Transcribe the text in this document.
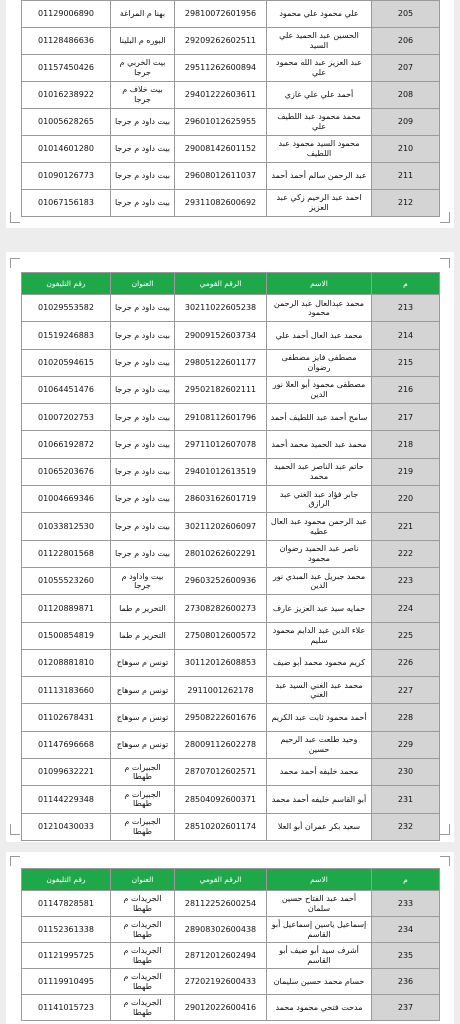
205	علي محمود علي محمود	29810072601956	بهنا م المراغة	01129006890
206	الحسين عبد الحميد علي السيد	29209262602511	البوره م البلينا	01128486636
207	عبد العزيز عبد الله محمود علي	29511262600894	بيت الخربي م جرجا	01157450426
208	أحمد علي علي غازي	29401222603611	بيت خلاف م جرجا	01016238922
209	محمد محمود عبد اللطيف علي	29601012625955	بيت داود م جرجا	01005628265
210	محمود السيد محمود عبد اللطيف	29008142601152	بيت داود م جرجا	01014601280
211	عبد الرحمن سالم أحمد أحمد	29608012611037	بيت داود م جرجا	01090126773
212	احمد عبد الرحيم زكي عبد العزيز	29311082600692	بيت داود م جرجا	01067156183
م	الاسم	الرقم القومي	العنوان	رقم التليفون
213	محمد عبدالعال عبد الرحمن محمود	30211022605238	بيت داود م جرجا	01029553582
214	محمد عبد العال أحمد علي	29009152603734	بيت داود م جرجا	01519246883
215	مصطفى فايز مصطفى رضوان	29805122601177	بيت داود م جرجا	01020594615
216	مصطفى محمود أبو العلا نور الدين	29502182602111	بيت داود م جرجا	01064451476
217	سامح أحمد عبد اللطيف أحمد	29108112601796	بيت داود م جرجا	01007202753
218	محمد عبد الحميد محمد أحمد	29711012607078	بيت داود م جرجا	01066192872
219	حاتم عبد الناصر عبد الحميد محمد	29401012613519	بيت داود م جرجا	01065203676
220	جابر فؤاد عبد الغني عبد الرازق	28603162601719	بيت داود م جرجا	01004669346
221	عبد الرحمن محمود عبد العال عطيه	30211202606097	بيت داود م جرجا	01033812530
222	ناصر عبد الحميد رضوان محمود	28010262602291	بيت داود م جرجا	01122801568
223	محمد جبريل عبد المبدي نور الدين	29603252600936	بيت واداود م جرجا	01055523260
224	حمايه سيد عبد العزيز عارف	27308282600273	التحرير م طما	01120889871
225	علاء الدين عبد الدايم محمود سليم	27508012600572	التحرير م طما	01500854819
226	كريم محمود محمد أبو ضيف	30112012608853	تونس م سوهاج	01208881810
227	محمد عبد الغني السيد عبد الغني	2911001262178	تونس م سوهاج	01113183660
228	أحمد محمود ثابت عبد الكريم	29508222601676	تونس م سوهاج	01102678431
229	وحيد طلعت عبد الرحيم حسين	28009112602278	تونس م سوهاج	01147696668
230	محمد خليفه أحمد محمد	28707012602571	الجبيرات م طهطا	01099632221
231	أبو القاسم خليفه أحمد محمد	28504092600371	الجبيرات م طهطا	01144229348
232	سعيد بكر عمران أبو العلا	28510202601174	الجبيرات م طهطا	01210430033
م	الاسم	الرقم القومي	العنوان	رقم التليفون
233	أحمد عبد الفتاح حسين سلمان	28112252600254	الجريدات م طهطا	01147828581
234	إسماعيل ياسين إسماعيل أبو القاسم	28908302600438	الجريدات م طهطا	01152361338
235	أشرف سيد أبو ضيف أبو القاسم	28712012602494	الجريدات م طهطا	01121995725
236	حسام محمد حسين سليمان	27202192600433	الجريدات م طهطا	01119910495
237	مدحت فتحي محمود محمد	29012022600416	الجريدات م طهطا	01141015723
